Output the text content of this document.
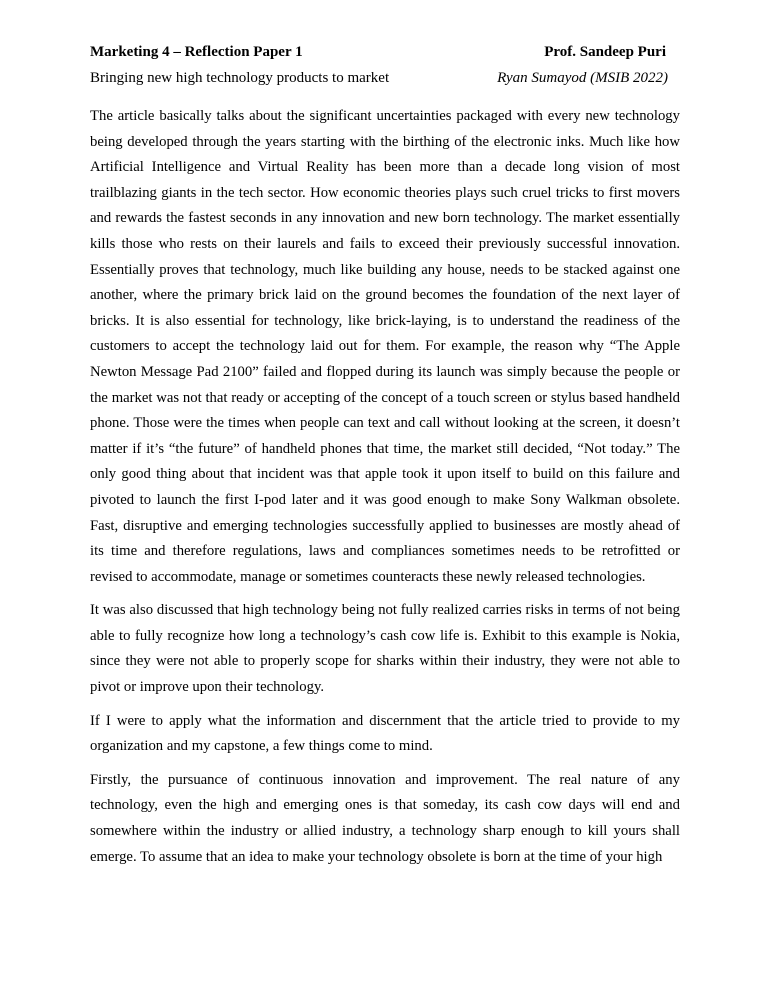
Marketing 4 – Reflection Paper 1	Prof. Sandeep Puri
Bringing new high technology products to market	Ryan Sumayod (MSIB 2022)

The article basically talks about the significant uncertainties packaged with every new technology being developed through the years starting with the birthing of the electronic inks. Much like how Artificial Intelligence and Virtual Reality has been more than a decade long vision of most trailblazing giants in the tech sector. How economic theories plays such cruel tricks to first movers and rewards the fastest seconds in any innovation and new born technology. The market essentially kills those who rests on their laurels and fails to exceed their previously successful innovation. Essentially proves that technology, much like building any house, needs to be stacked against one another, where the primary brick laid on the ground becomes the foundation of the next layer of bricks. It is also essential for technology, like brick-laying, is to understand the readiness of the customers to accept the technology laid out for them. For example, the reason why “The Apple Newton Message Pad 2100” failed and flopped during its launch was simply because the people or the market was not that ready or accepting of the concept of a touch screen or stylus based handheld phone. Those were the times when people can text and call without looking at the screen, it doesn’t matter if it’s “the future” of handheld phones that time, the market still decided, “Not today.” The only good thing about that incident was that apple took it upon itself to build on this failure and pivoted to launch the first I-pod later and it was good enough to make Sony Walkman obsolete. Fast, disruptive and emerging technologies successfully applied to businesses are mostly ahead of its time and therefore regulations, laws and compliances sometimes needs to be retrofitted or revised to accommodate, manage or sometimes counteracts these newly released technologies.

It was also discussed that high technology being not fully realized carries risks in terms of not being able to fully recognize how long a technology’s cash cow life is. Exhibit to this example is Nokia, since they were not able to properly scope for sharks within their industry, they were not able to pivot or improve upon their technology.

If I were to apply what the information and discernment that the article tried to provide to my organization and my capstone, a few things come to mind.

Firstly, the pursuance of continuous innovation and improvement. The real nature of any technology, even the high and emerging ones is that someday, its cash cow days will end and somewhere within the industry or allied industry, a technology sharp enough to kill yours shall emerge. To assume that an idea to make your technology obsolete is born at the time of your high
